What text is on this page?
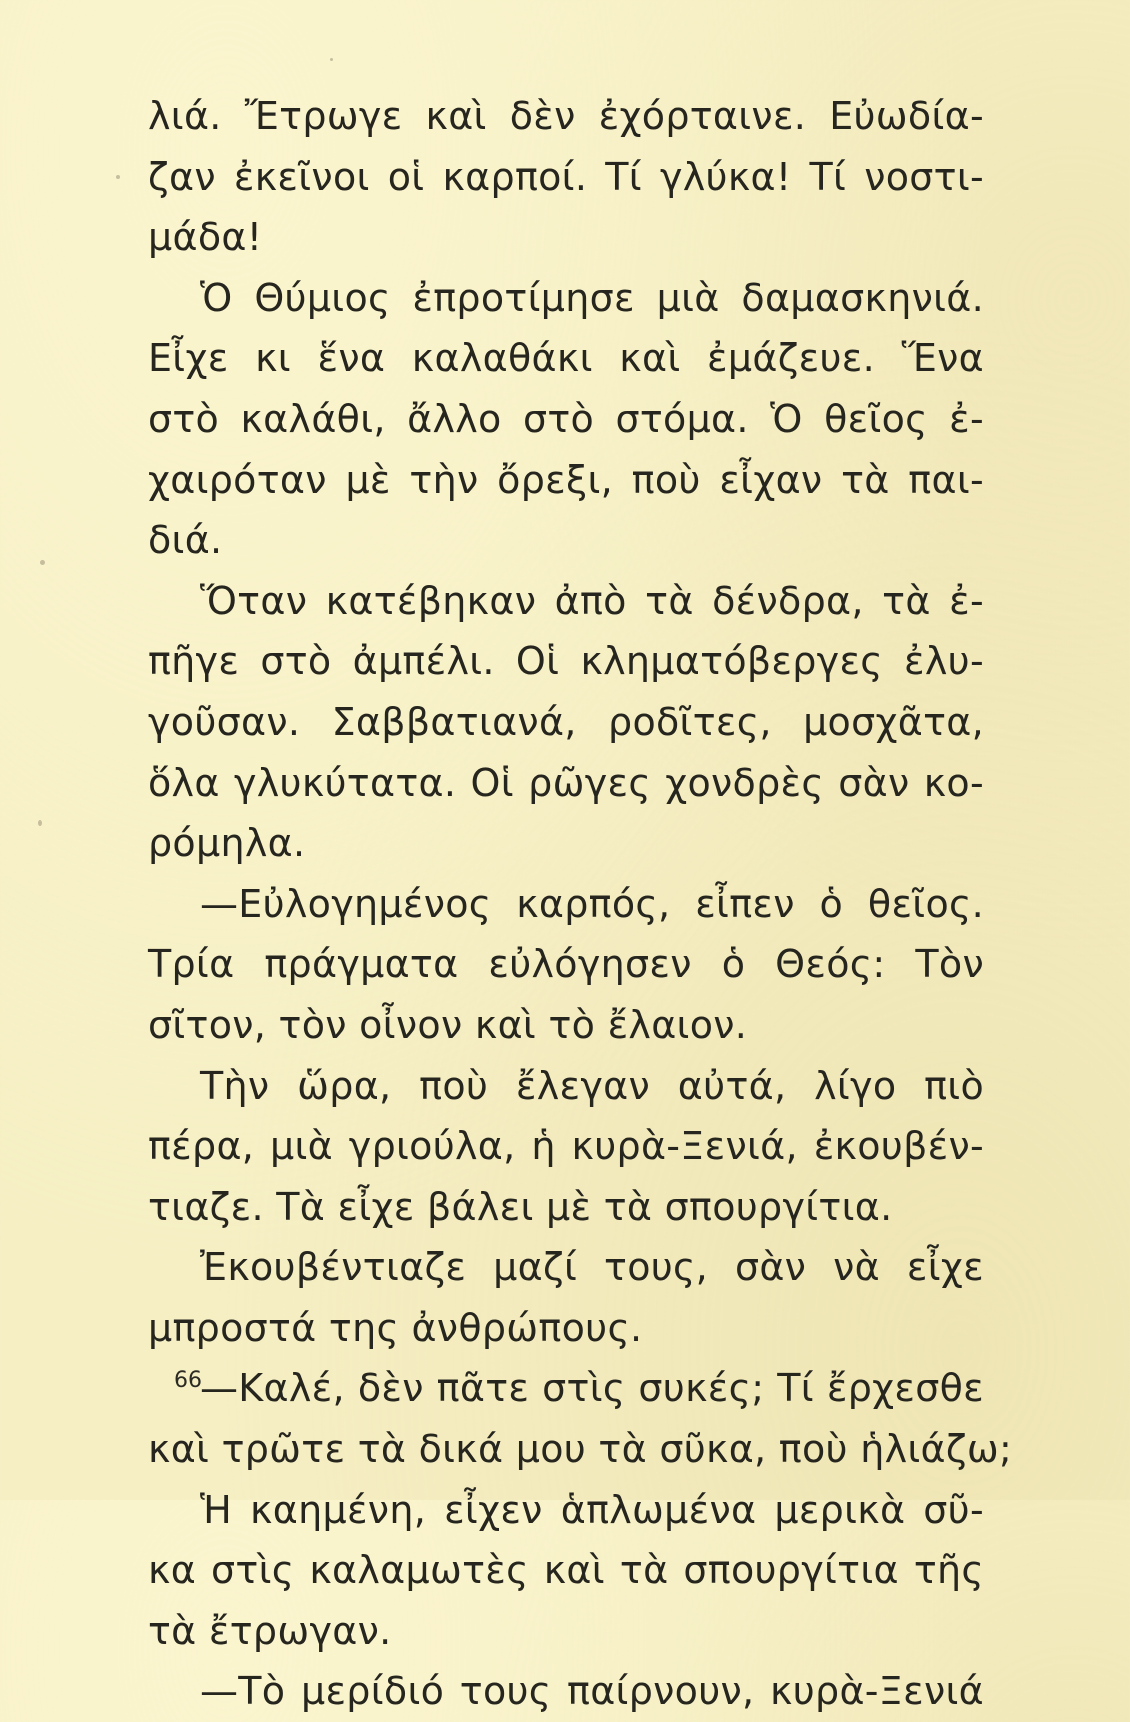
λιά. Ἔτρωγε καὶ δὲν ἐχόρταινε. Εὐωδία-
ζαν ἐκεῖνοι οἱ καρποί. Τί γλύκα! Τί νοστι-
μάδα!
Ὁ Θύμιος ἐπροτίμησε μιὰ δαμασκηνιά.
Εἶχε κι ἕνα καλαθάκι καὶ ἐμάζευε. Ἕνα
στὸ καλάθι, ἄλλο στὸ στόμα. Ὁ θεῖος ἐ-
χαιρόταν μὲ τὴν ὄρεξι, ποὺ εἶχαν τὰ παι-
διά.
Ὅταν κατέβηκαν ἀπὸ τὰ δένδρα, τὰ ἐ-
πῆγε στὸ ἀμπέλι. Οἱ κληματόβεργες ἐλυ-
γοῦσαν. Σαββατιανά, ροδῖτες, μοσχᾶτα,
ὅλα γλυκύτατα. Οἱ ρῶγες χονδρὲς σὰν κο-
ρόμηλα.
—Εὐλογημένος καρπός, εἶπεν ὁ θεῖος.
Τρία πράγματα εὐλόγησεν ὁ Θεός: Τὸν
σῖτον, τὸν οἶνον καὶ τὸ ἔλαιον.
Τὴν ὥρα, ποὺ ἔλεγαν αὐτά, λίγο πιὸ
πέρα, μιὰ γριούλα, ἡ κυρὰ-Ξενιά, ἐκουβέν-
τιαζε. Τὰ εἶχε βάλει μὲ τὰ σπουργίτια.
Ἐκουβέντιαζε μαζί τους, σὰν νὰ εἶχε
μπροστά της ἀνθρώπους.
—Καλέ, δὲν πᾶτε στὶς συκές; Τί ἔρχεσθε
καὶ τρῶτε τὰ δικά μου τὰ σῦκα, ποὺ ἡλιάζω;
Ἡ καημένη, εἶχεν ἁπλωμένα μερικὰ σῦ-
κα στὶς καλαμωτὲς καὶ τὰ σπουργίτια τῆς
τὰ ἔτρωγαν.
—Τὸ μερίδιό τους παίρνουν, κυρὰ-Ξενιά
66
